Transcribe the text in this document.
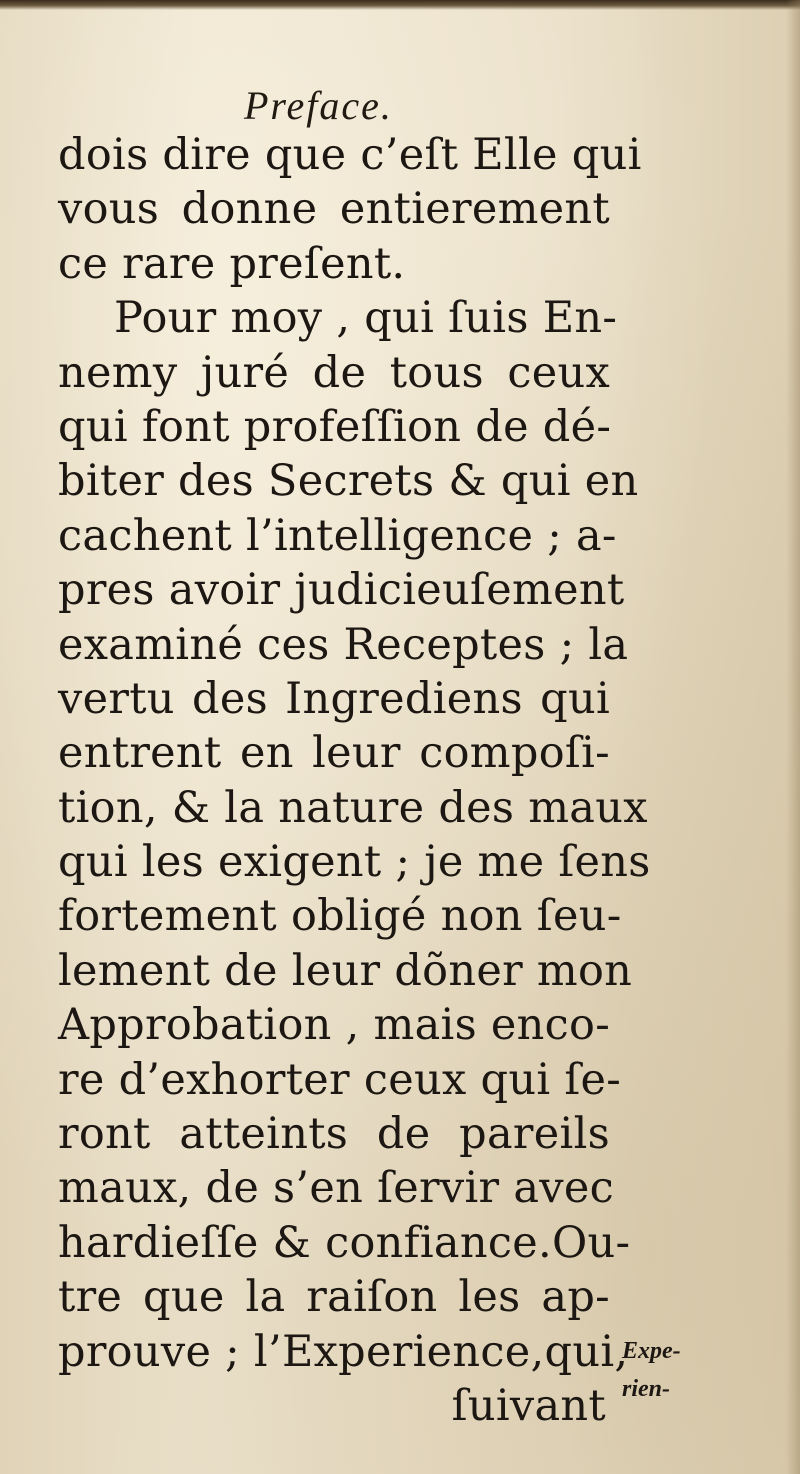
Preface.
dois dire que c’eſt Elle qui
vous donne entierement
ce rare preſent.
Pour moy , qui ſuis En-
nemy juré de tous ceux
qui font profeſſion de dé-
biter des Secrets & qui en
cachent l’intelligence ; a-
pres avoir judicieuſement
examiné ces Receptes ; la
vertu des Ingrediens qui
entrent en leur compoſi-
tion, & la nature des maux
qui les exigent ; je me ſens
fortement obligé non ſeu-
lement de leur dõner mon
Approbation , mais enco-
re d’exhorter ceux qui ſe-
ront atteints de pareils
maux, de s’en ſervir avec
hardieſſe & confiance.Ou-
tre que la raiſon les ap-
prouve ; l’Experience,qui,
ſuivant
Expe-
rien-
